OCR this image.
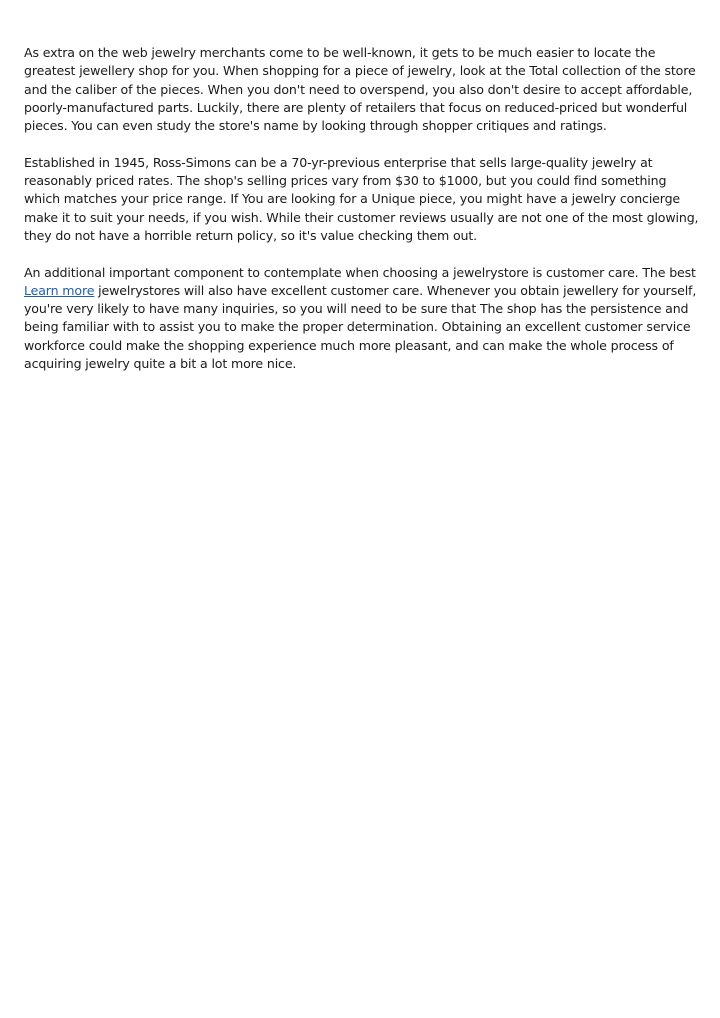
As extra on the web jewelry merchants come to be well-known, it gets to be much easier to locate the greatest jewellery shop for you. When shopping for a piece of jewelry, look at the Total collection of the store and the caliber of the pieces. When you don't need to overspend, you also don't desire to accept affordable, poorly-manufactured parts. Luckily, there are plenty of retailers that focus on reduced-priced but wonderful pieces. You can even study the store's name by looking through shopper critiques and ratings.

Established in 1945, Ross-Simons can be a 70-yr-previous enterprise that sells large-quality jewelry at reasonably priced rates. The shop's selling prices vary from $30 to $1000, but you could find something which matches your price range. If You are looking for a Unique piece, you might have a jewelry concierge make it to suit your needs, if you wish. While their customer reviews usually are not one of the most glowing, they do not have a horrible return policy, so it's value checking them out.

An additional important component to contemplate when choosing a jewelrystore is customer care. The best Learn more jewelrystores will also have excellent customer care. Whenever you obtain jewellery for yourself, you're very likely to have many inquiries, so you will need to be sure that The shop has the persistence and being familiar with to assist you to make the proper determination. Obtaining an excellent customer service workforce could make the shopping experience much more pleasant, and can make the whole process of acquiring jewelry quite a bit a lot more nice.
